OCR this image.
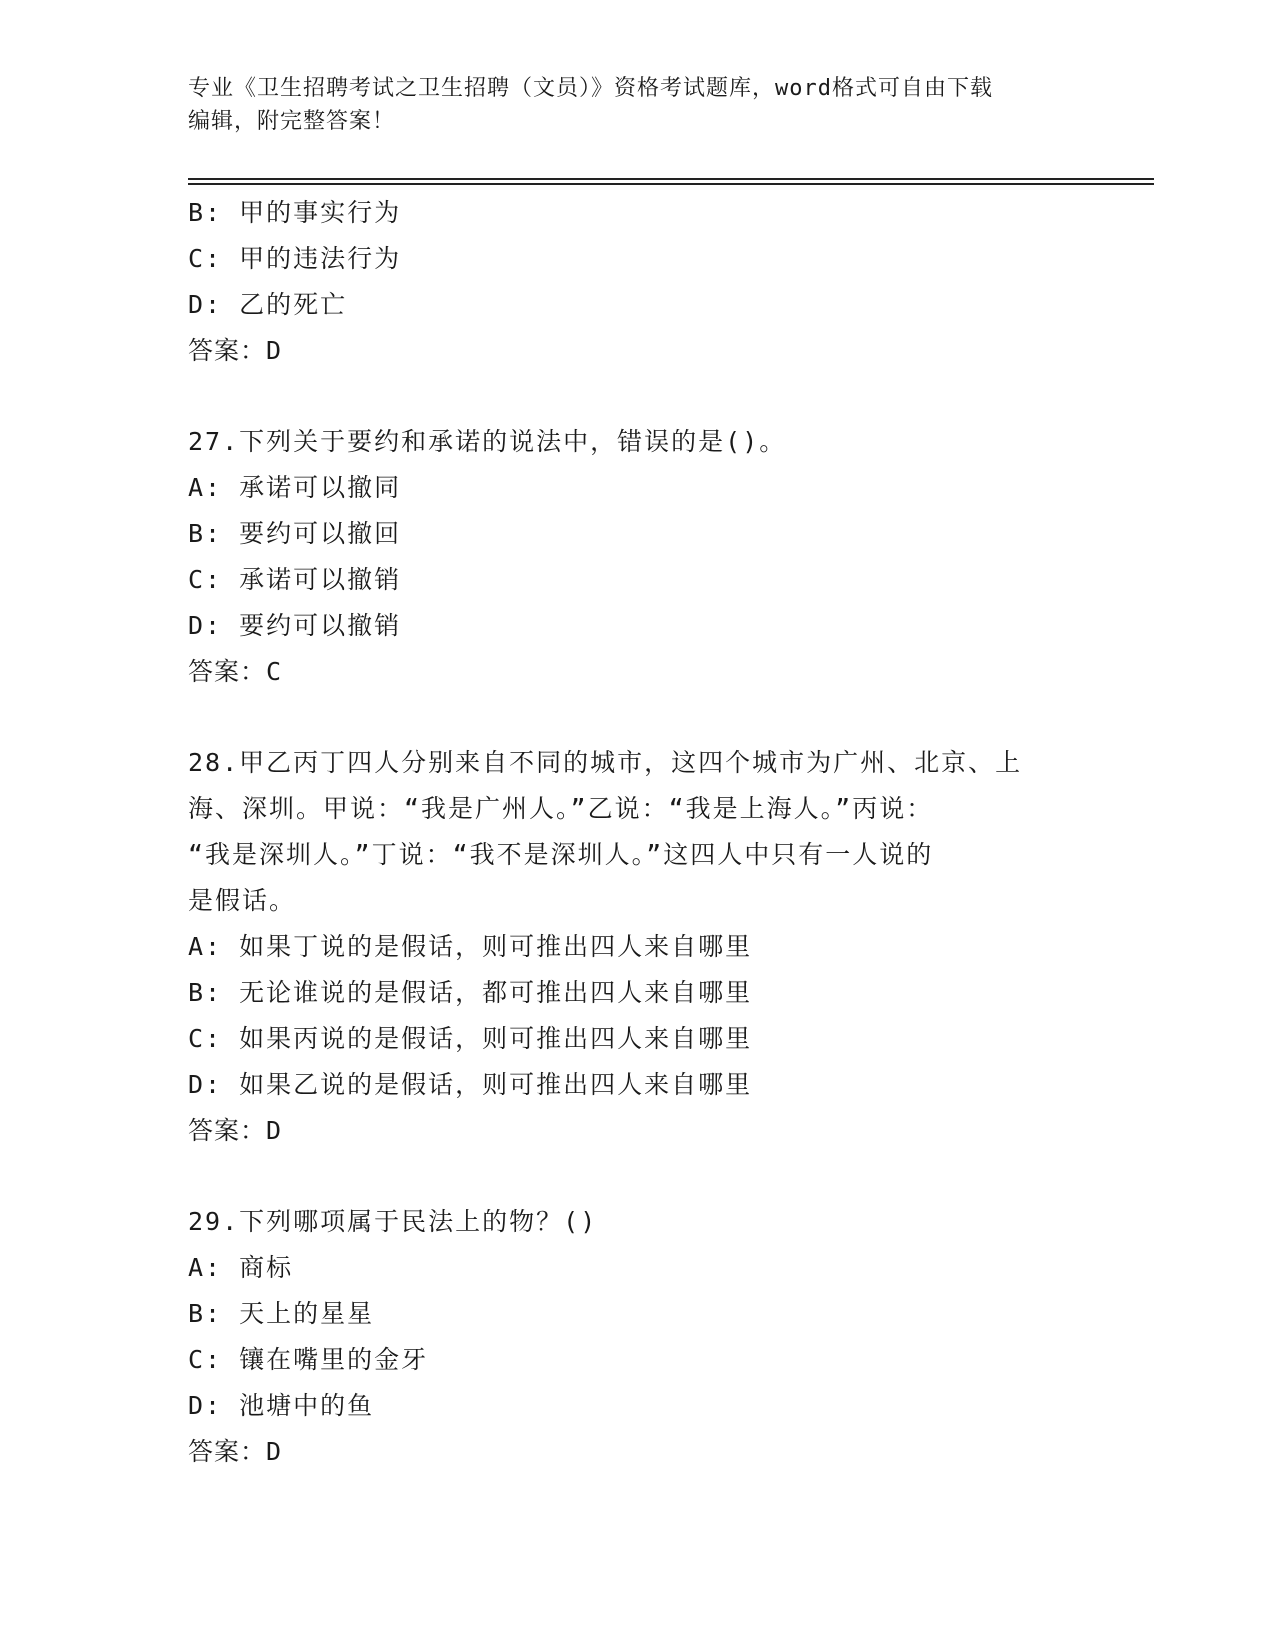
专业《卫生招聘考试之卫生招聘（文员）》资格考试题库，word格式可自由下载
编辑，附完整答案！
B: 甲的事实行为
C: 甲的违法行为
D: 乙的死亡
答案：D
27.下列关于要约和承诺的说法中，错误的是()。
A: 承诺可以撤同
B: 要约可以撤回
C: 承诺可以撤销
D: 要约可以撤销
答案：C
28.甲乙丙丁四人分别来自不同的城市，这四个城市为广州、北京、上
海、深圳。甲说：“我是广州人。”乙说：“我是上海人。”丙说：
“我是深圳人。”丁说：“我不是深圳人。”这四人中只有一人说的
是假话。
A: 如果丁说的是假话，则可推出四人来自哪里
B: 无论谁说的是假话，都可推出四人来自哪里
C: 如果丙说的是假话，则可推出四人来自哪里
D: 如果乙说的是假话，则可推出四人来自哪里
答案：D
29.下列哪项属于民法上的物？()
A: 商标
B: 天上的星星
C: 镶在嘴里的金牙
D: 池塘中的鱼
答案：D
